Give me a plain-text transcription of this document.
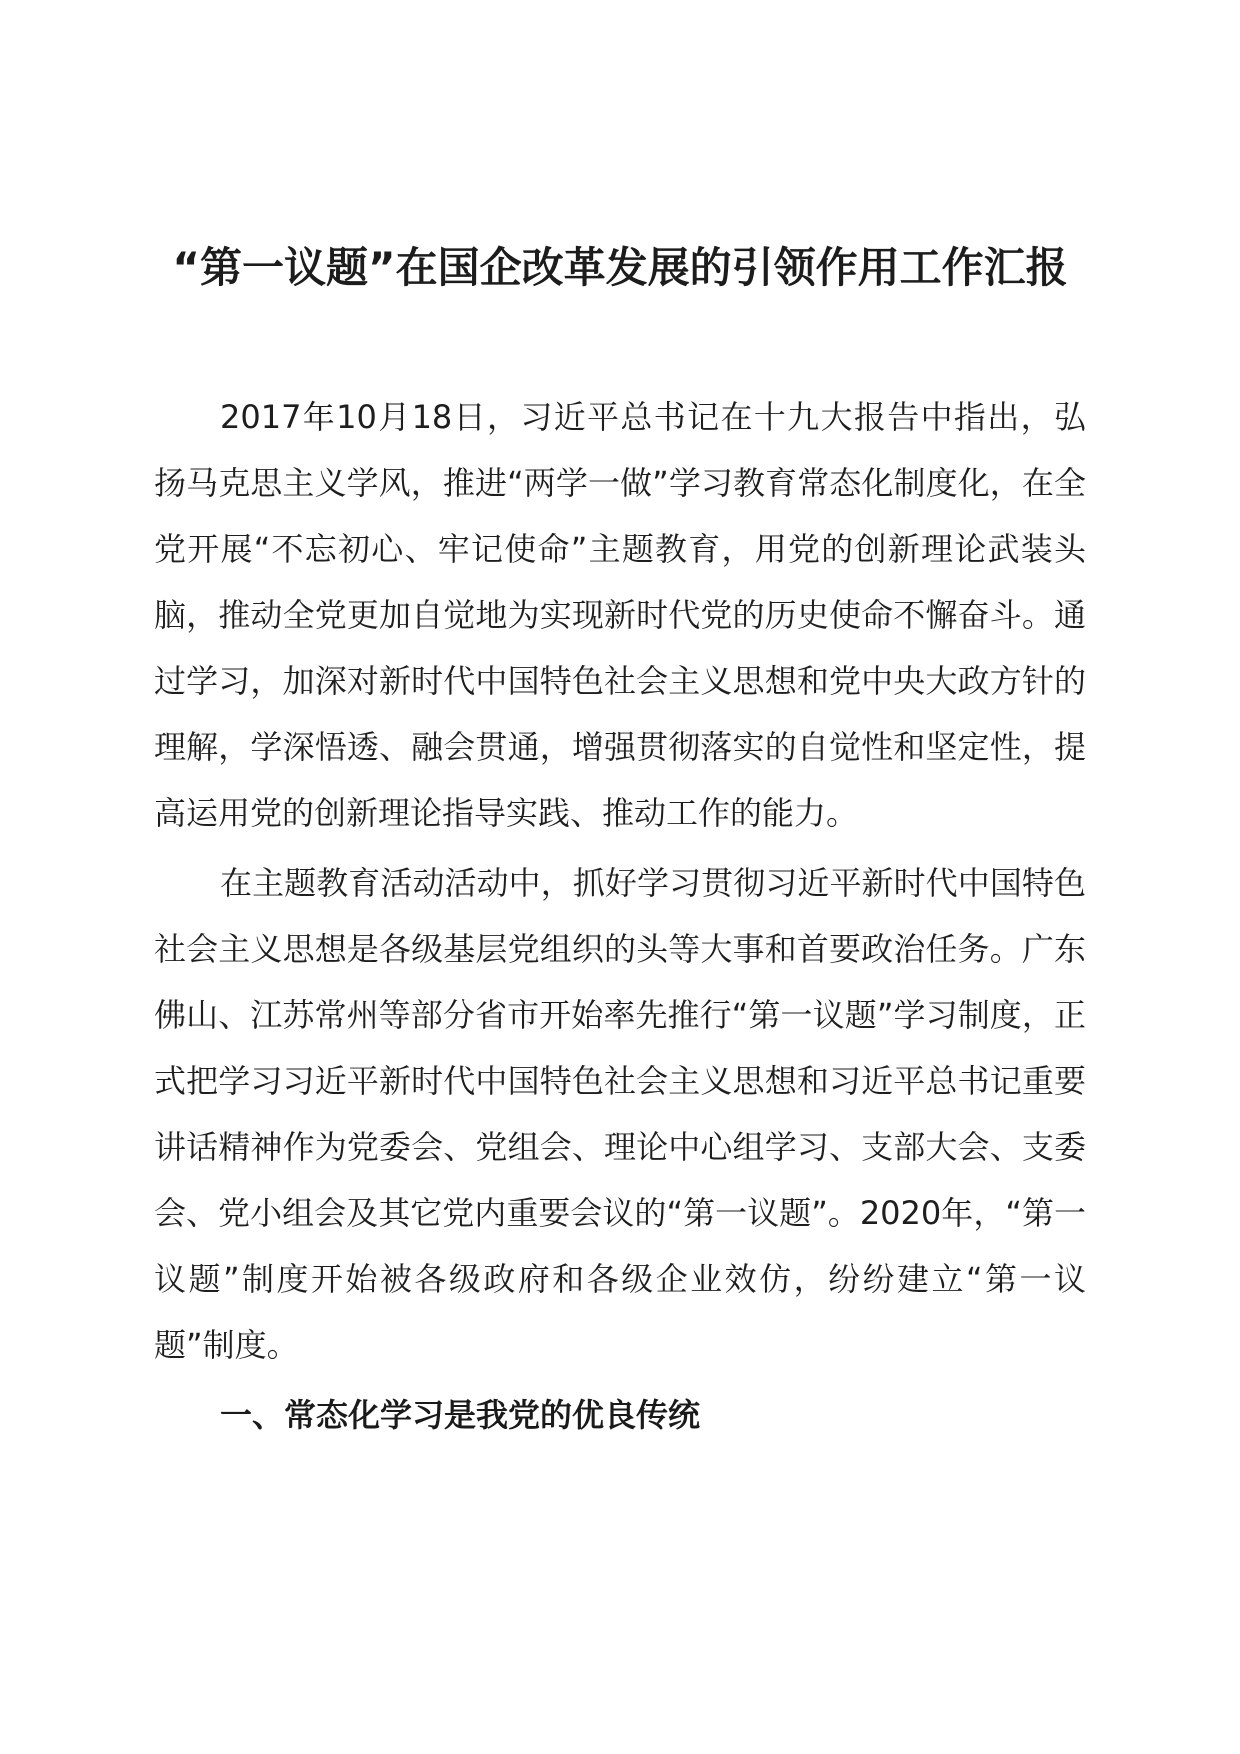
“第一议题”在国企改革发展的引领作用工作汇报

2017年10月18日，习近平总书记在十九大报告中指出，弘扬马克思主义学风，推进“两学一做”学习教育常态化制度化，在全党开展“不忘初心、牢记使命”主题教育，用党的创新理论武装头脑，推动全党更加自觉地为实现新时代党的历史使命不懈奋斗。通过学习，加深对新时代中国特色社会主义思想和党中央大政方针的理解，学深悟透、融会贯通，增强贯彻落实的自觉性和坚定性，提高运用党的创新理论指导实践、推动工作的能力。

在主题教育活动活动中，抓好学习贯彻习近平新时代中国特色社会主义思想是各级基层党组织的头等大事和首要政治任务。广东佛山、江苏常州等部分省市开始率先推行“第一议题”学习制度，正式把学习习近平新时代中国特色社会主义思想和习近平总书记重要讲话精神作为党委会、党组会、理论中心组学习、支部大会、支委会、党小组会及其它党内重要会议的“第一议题”。2020年，“第一议题”制度开始被各级政府和各级企业效仿，纷纷建立“第一议题”制度。

一、常态化学习是我党的优良传统
